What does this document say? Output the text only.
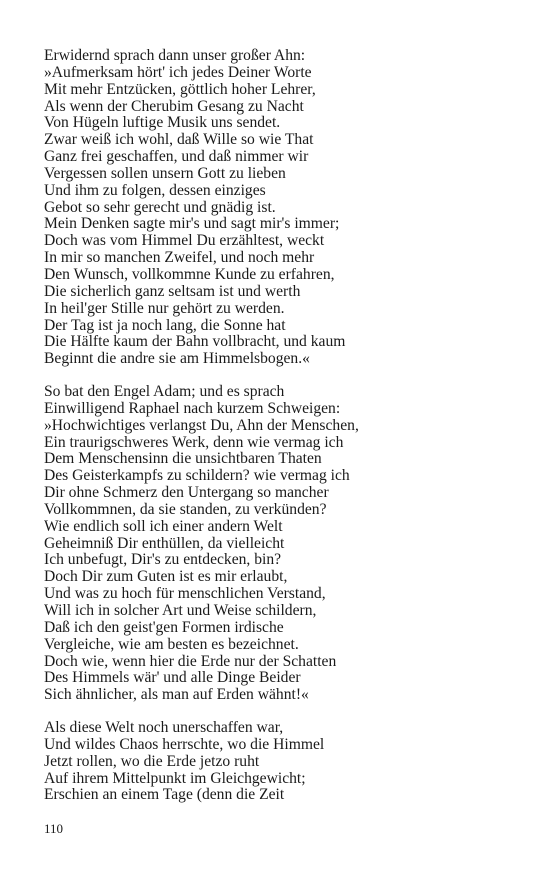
Erwidernd sprach dann unser großer Ahn:
»Aufmerksam hört' ich jedes Deiner Worte
Mit mehr Entzücken, göttlich hoher Lehrer,
Als wenn der Cherubim Gesang zu Nacht
Von Hügeln luftige Musik uns sendet.
Zwar weiß ich wohl, daß Wille so wie That
Ganz frei geschaffen, und daß nimmer wir
Vergessen sollen unsern Gott zu lieben
Und ihm zu folgen, dessen einziges
Gebot so sehr gerecht und gnädig ist.
Mein Denken sagte mir's und sagt mir's immer;
Doch was vom Himmel Du erzähltest, weckt
In mir so manchen Zweifel, und noch mehr
Den Wunsch, vollkommne Kunde zu erfahren,
Die sicherlich ganz seltsam ist und werth
In heil'ger Stille nur gehört zu werden.
Der Tag ist ja noch lang, die Sonne hat
Die Hälfte kaum der Bahn vollbracht, und kaum
Beginnt die andre sie am Himmelsbogen.«
So bat den Engel Adam; und es sprach
Einwilligend Raphael nach kurzem Schweigen:
»Hochwichtiges verlangst Du, Ahn der Menschen,
Ein traurigschweres Werk, denn wie vermag ich
Dem Menschensinn die unsichtbaren Thaten
Des Geisterkampfs zu schildern? wie vermag ich
Dir ohne Schmerz den Untergang so mancher
Vollkommnen, da sie standen, zu verkünden?
Wie endlich soll ich einer andern Welt
Geheimniß Dir enthüllen, da vielleicht
Ich unbefugt, Dir's zu entdecken, bin?
Doch Dir zum Guten ist es mir erlaubt,
Und was zu hoch für menschlichen Verstand,
Will ich in solcher Art und Weise schildern,
Daß ich den geist'gen Formen irdische
Vergleiche, wie am besten es bezeichnet.
Doch wie, wenn hier die Erde nur der Schatten
Des Himmels wär' und alle Dinge Beider
Sich ähnlicher, als man auf Erden wähnt!«
Als diese Welt noch unerschaffen war,
Und wildes Chaos herrschte, wo die Himmel
Jetzt rollen, wo die Erde jetzo ruht
Auf ihrem Mittelpunkt im Gleichgewicht;
Erschien an einem Tage (denn die Zeit
110
